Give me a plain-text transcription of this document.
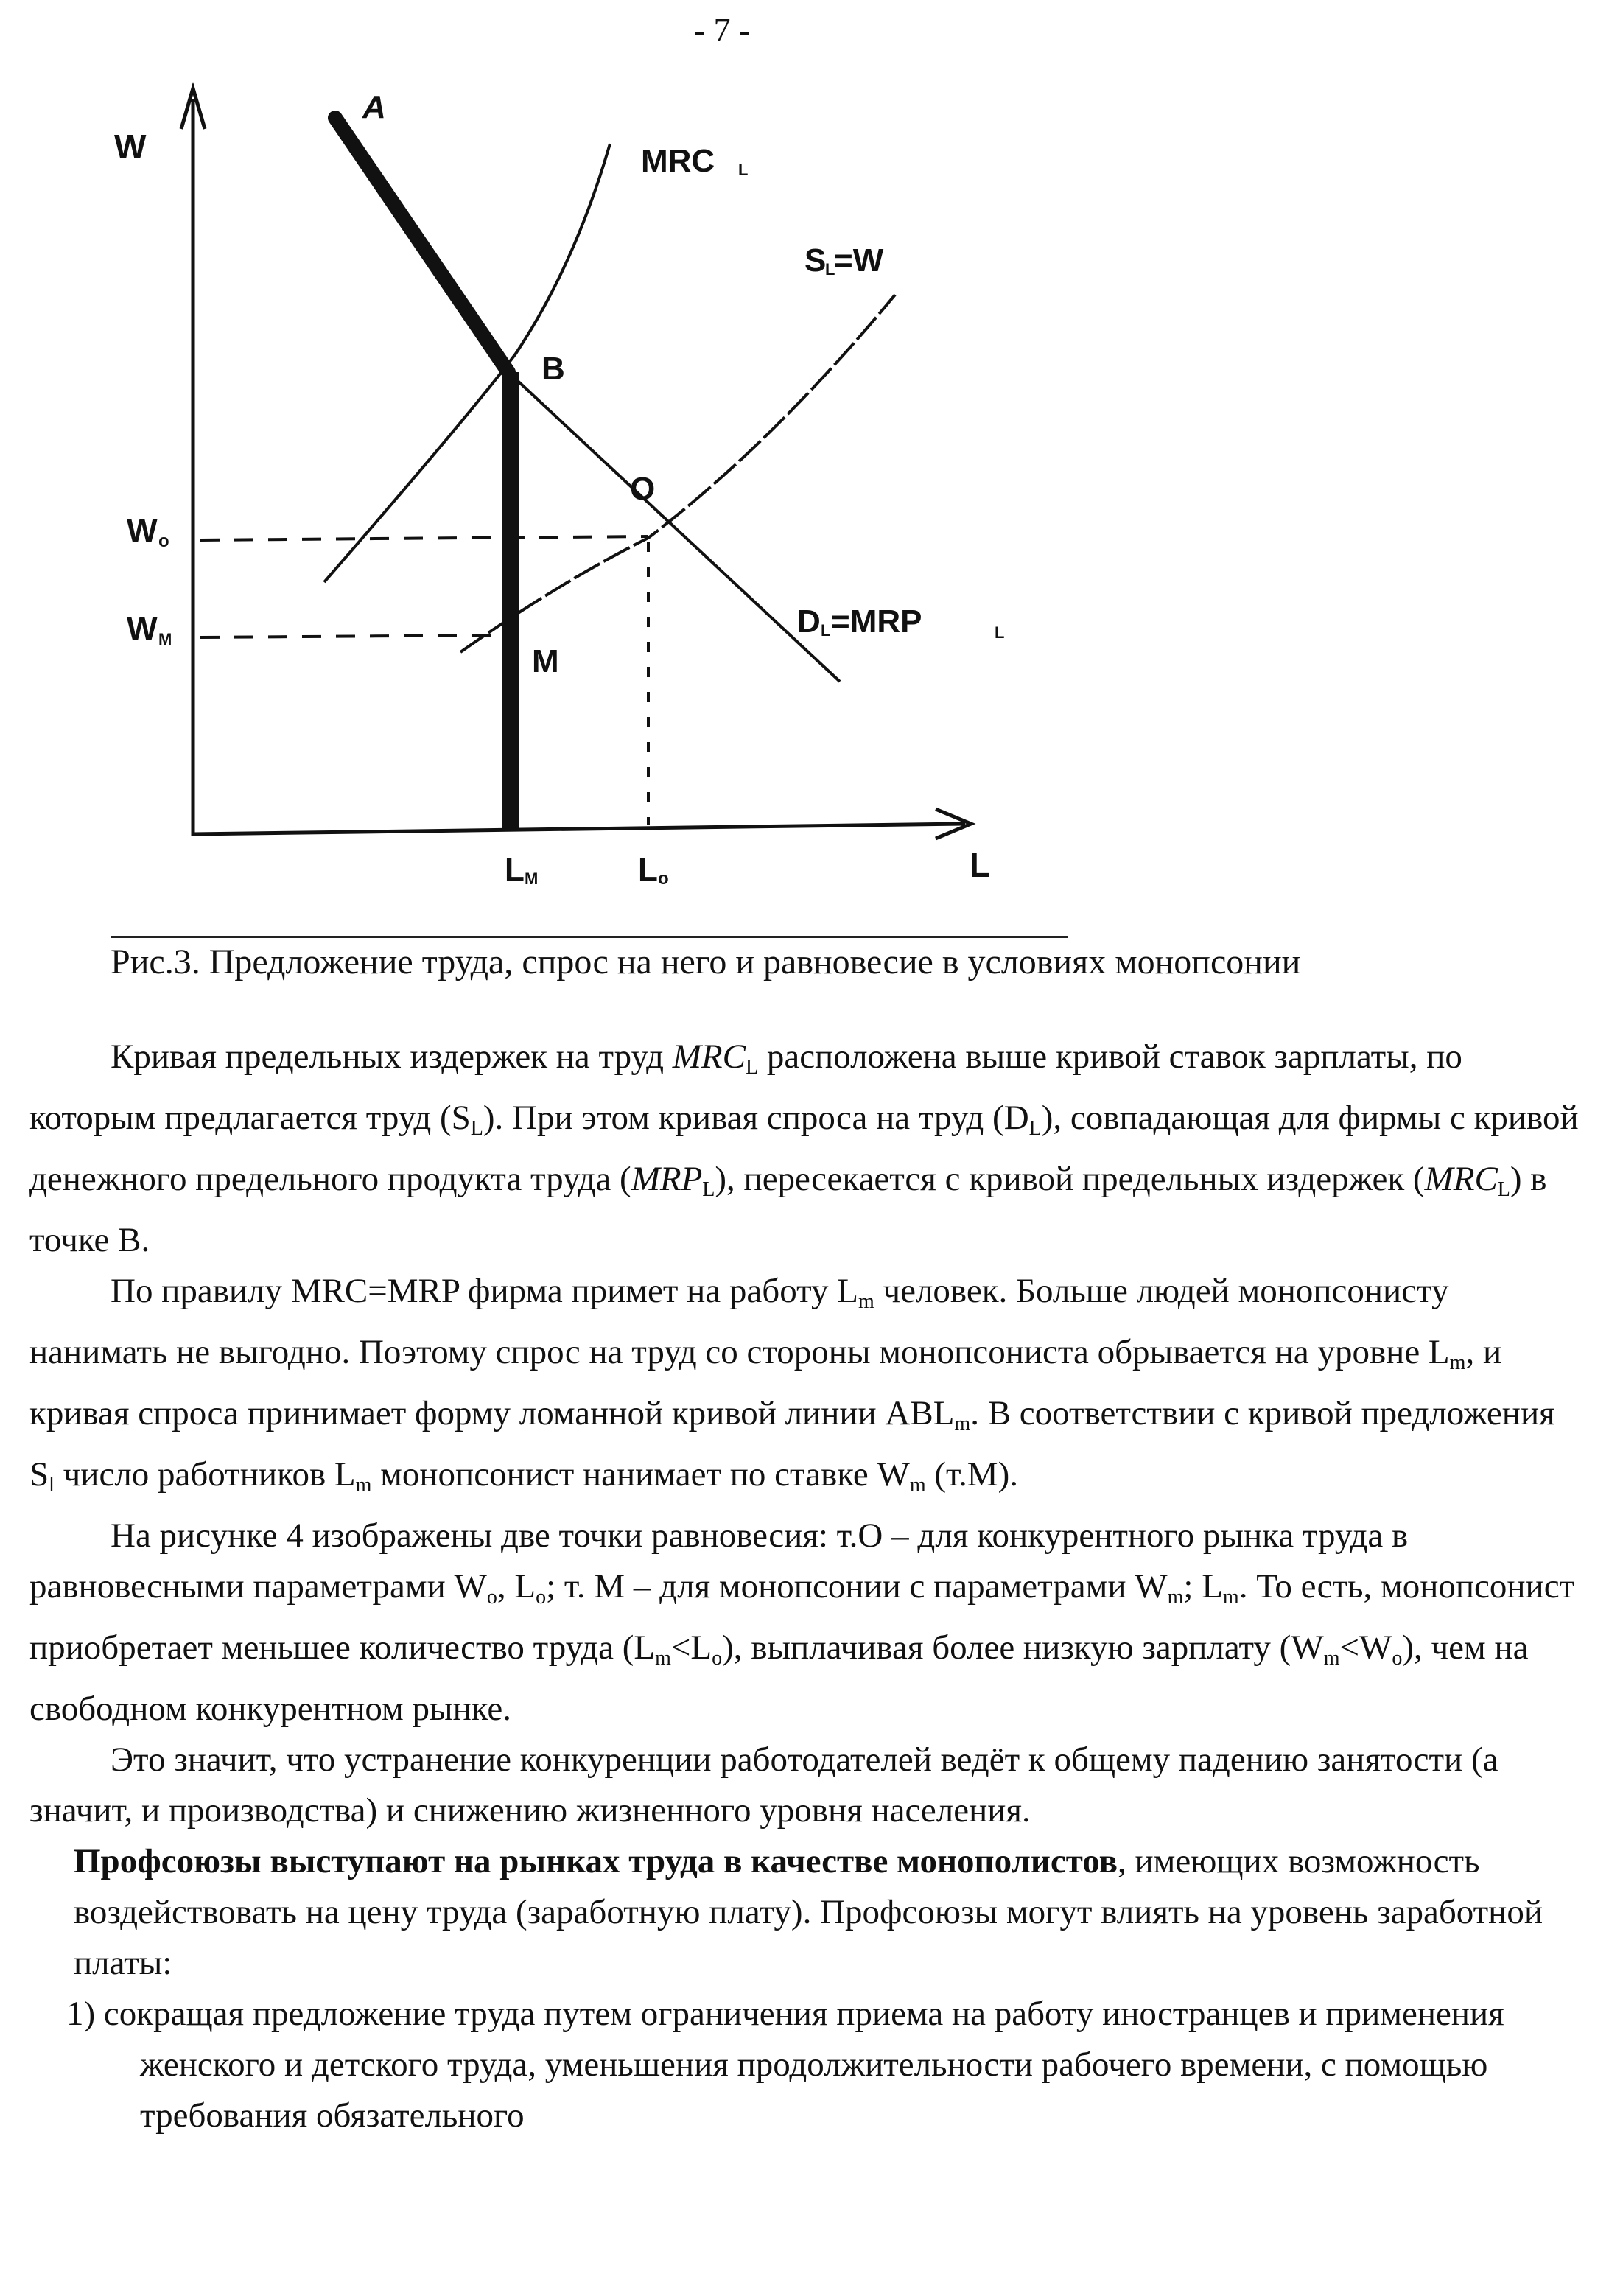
- 7 -
W
L
A
MRC L
S
L
=W
B
O
M
D L =MRP	L
W o
W M
L M	L o
Рис.3. Предложение труда, спрос на него и равновесие в условиях монопсонии

Кривая предельных издержек на труд $MRC_L$ расположена выше кривой ставок зарплаты, по которым предлагается труд $(S_L)$. При этом кривая спроса на труд $(D_L)$, совпадающая для фирмы с кривой денежного предельного продукта труда $(MRP_L)$, пересекается с кривой предельных издержек $(MRC_L)$ в точке В.

По правилу MRC=MRP фирма примет на работу $L_m$ человек. Больше людей монопсонисту нанимать не выгодно. Поэтому спрос на труд со стороны монопсониста обрывается на уровне $L_m$, и кривая спроса принимает форму ломанной кривой линии $ABL_m$. В соответствии с кривой предложения $S_l$ число работников $L_m$ монопсонист нанимает по ставке $W_m$ (т.М).

На рисунке 4 изображены две точки равновесия: т.О – для конкурентного рынка труда в равновесными параметрами $W_o$, $L_o$; т. М – для монопсонии с параметрами $W_m$; $L_m$. То есть, монопсонист приобретает меньшее количество труда $(L_m<L_o)$, выплачивая более низкую зарплату $(W_m<W_o)$, чем на свободном конкурентном рынке.

Это значит, что устранение конкуренции работодателей ведёт к общему падению занятости (а значит, и производства) и снижению жизненного уровня населения.

Профсоюзы выступают на рынках труда в качестве монополистов, имеющих возможность воздействовать на цену труда (заработную плату). Профсоюзы могут влиять на уровень заработной платы:

1) сокращая предложение труда путем ограничения приема на работу иностранцев и применения женского и детского труда, уменьшения продолжительности рабочего времени, с помощью требования обязательного
